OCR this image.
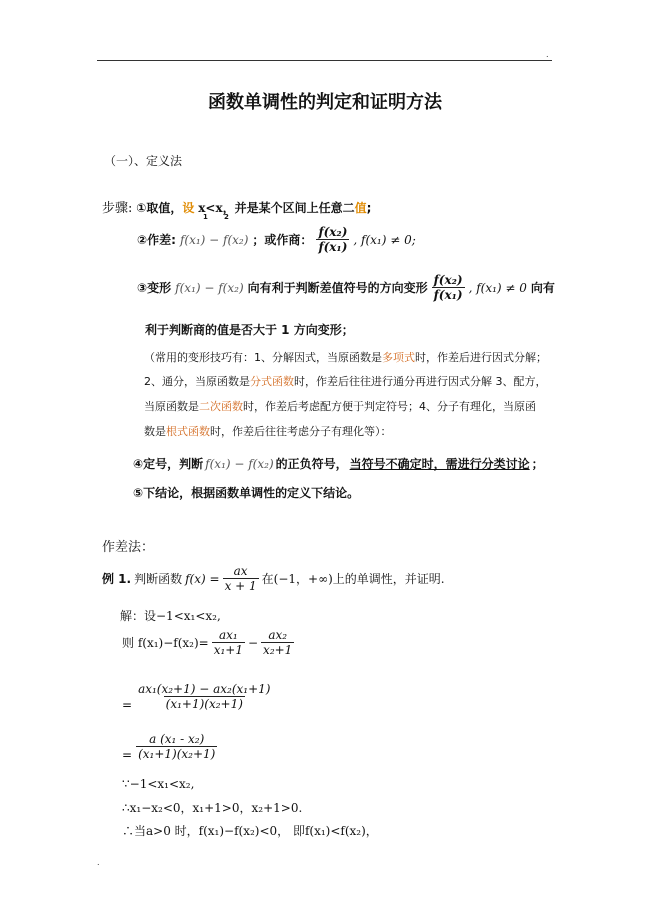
.
函数单调性的判定和证明方法
（一）、定义法
步骤: ①取值，设 x<x，并是某个区间上任意二值;
1 2
②作差: f(x₁) − f(x₂) ；或作商： $\frac{\text{f(x₂)}}{\text{f(x₁)}}$ , f(x₁) ≠ 0;
③变形 f(x₁) − f(x₂) 向有利于判断差值符号的方向变形 $\frac{\text{f(x₂)}}{\text{f(x₁)}}$ , f(x₁) ≠ 0 向有
利于判断商的值是否大于 1 方向变形；
（常用的变形技巧有：1、分解因式，当原函数是多项式时，作差后进行因式分解；
2、通分，当原函数是分式函数时，作差后往往进行通分再进行因式分解 3、配方，
当原函数是二次函数时，作差后考虑配方便于判定符号；4、分子有理化，当原函
数是根式函数时，作差后往往考虑分子有理化等）：
④定号，判断 f(x₁) − f(x₂) 的正负符号， 当符号不确定时，需进行分类讨论 ；
⑤下结论，根据函数单调性的定义下结论。
作差法：
例 1. 判断函数 $f(x) = \frac{ax}{x + 1}$ 在(−1，+∞)上的单调性，并证明.
解：设−1<x₁<x₂,
则 $f(x_1)-f(x_2)= \frac{\text{ax₁}}{\text{x₁+1}} - \frac{\text{ax₂}}{\text{x₂+1}}$
= $\frac{\text{ax₁(x₂+1) − ax₂(x₁+1)}}{\text{(x₁+1)(x₂+1)}}$
= $\frac{\text{a (x₁ - x₂)}}{\text{(x₁+1)(x₂+1)}}$
∵−1<x₁<x₂,
∴x₁−x₂<0，x₁+1>0，x₂+1>0.
∴当a>0 时，f(x₁)−f(x₂)<0， 即f(x₁)<f(x₂)，
.
